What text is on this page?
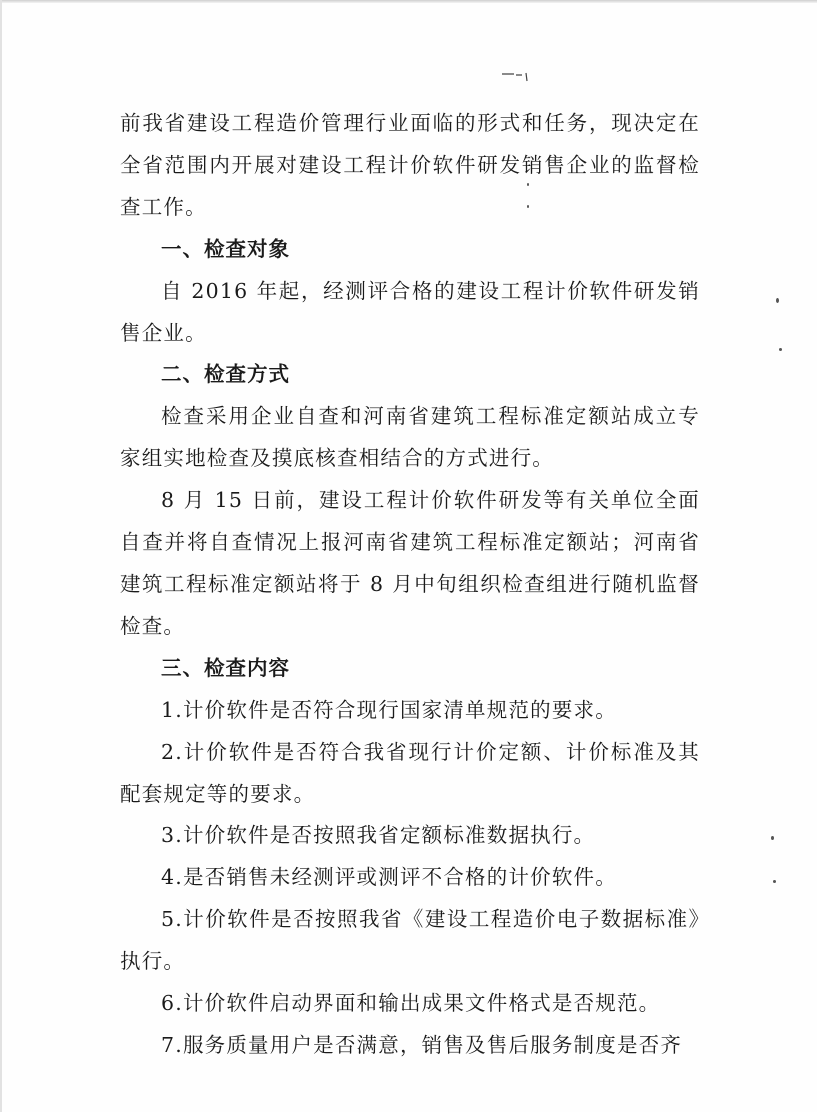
前我省建设工程造价管理行业面临的形式和任务，现决定在全省范围内开展对建设工程计价软件研发销售企业的监督检查工作。

一、检查对象

自 2016 年起，经测评合格的建设工程计价软件研发销售企业。

二、检查方式

检查采用企业自查和河南省建筑工程标准定额站成立专家组实地检查及摸底核查相结合的方式进行。

8 月 15 日前，建设工程计价软件研发等有关单位全面自查并将自查情况上报河南省建筑工程标准定额站；河南省建筑工程标准定额站将于 8 月中旬组织检查组进行随机监督检查。

三、检查内容

1.计价软件是否符合现行国家清单规范的要求。

2.计价软件是否符合我省现行计价定额、计价标准及其配套规定等的要求。

3.计价软件是否按照我省定额标准数据执行。

4.是否销售未经测评或测评不合格的计价软件。

5.计价软件是否按照我省《建设工程造价电子数据标准》执行。

6.计价软件启动界面和输出成果文件格式是否规范。

7.服务质量用户是否满意，销售及售后服务制度是否齐
